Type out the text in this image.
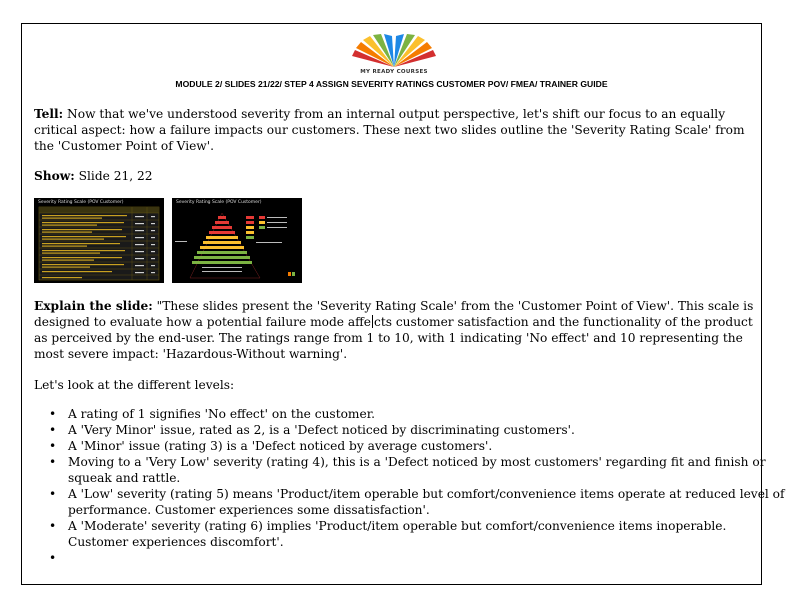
MY READY COURSES
MODULE 2/ SLIDES 21/22/ STEP 4 ASSIGN SEVERITY RATINGS CUSTOMER POV/ FMEA/ TRAINER GUIDE

Tell: Now that we've understood severity from an internal output perspective, let's shift our focus to an equally critical aspect: how a failure impacts our customers. These next two slides outline the 'Severity Rating Scale' from the 'Customer Point of View'.

Show: Slide 21, 22

Severity Rating Scale (POV Customer)	Severity Rating Scale (POV Customer)

Explain the slide: "These slides present the 'Severity Rating Scale' from the 'Customer Point of View'. This scale is designed to evaluate how a potential failure mode affe cts customer satisfaction and the functionality of the product as perceived by the end-user. The ratings range from 1 to 10, with 1 indicating 'No effect' and 10 representing the most severe impact: 'Hazardous-Without warning'.

Let's look at the different levels:

• A rating of 1 signifies 'No effect' on the customer.
• A 'Very Minor' issue, rated as 2, is a 'Defect noticed by discriminating customers'.
• A 'Minor' issue (rating 3) is a 'Defect noticed by average customers'.
• Moving to a 'Very Low' severity (rating 4), this is a 'Defect noticed by most customers' regarding fit and finish or squeak and rattle.
• A 'Low' severity (rating 5) means 'Product/item operable but comfort/convenience items operate at reduced level of performance. Customer experiences some dissatisfaction'.
• A 'Moderate' severity (rating 6) implies 'Product/item operable but comfort/convenience items inoperable. Customer experiences discomfort'.
•
